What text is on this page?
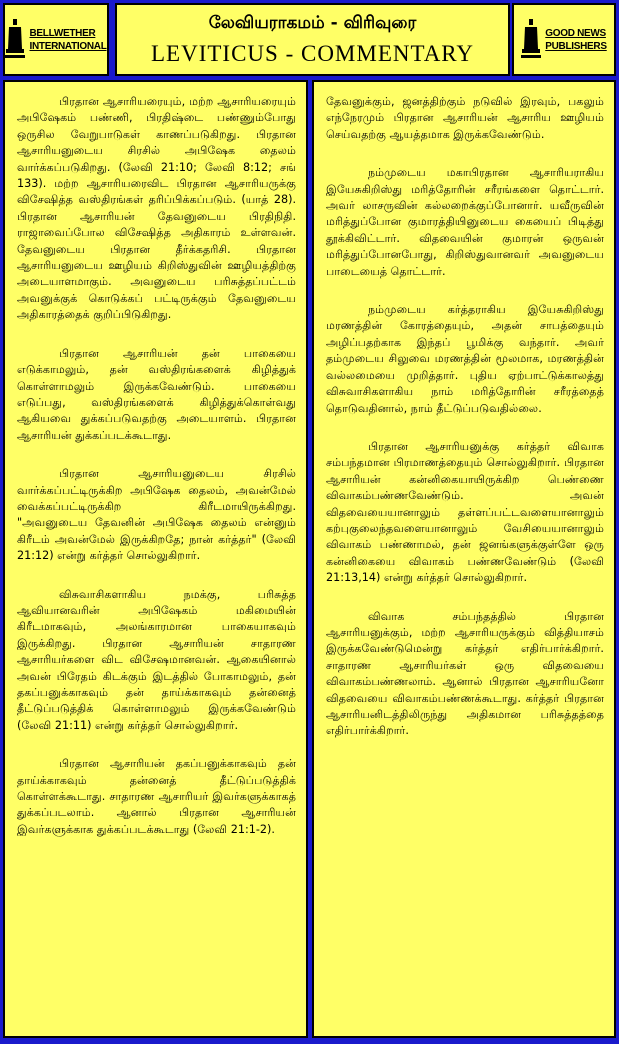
BELLWETHER
INTERNATIONAL
லேவியராகமம் - விரிவுரை
LEVITICUS - COMMENTARY
GOOD NEWS
PUBLISHERS

பிரதான ஆசாரியரையும், மற்ற ஆசாரியரையும் அபிஷேகம் பண்ணி, பிரதிஷ்டை பண்ணும்போது ஒருசில வேறுபாடுகள் காணப்படுகிறது. பிரதான ஆசாரியனுடைய சிரசில் அபிஷேக தைலம் வார்க்கப்படுகிறது. (லேவி 21:10; லேவி 8:12; சங் 133). மற்ற ஆசாரியரைவிட பிரதான ஆசாரியருக்கு விசேஷித்த வஸ்திரங்கள் தரிப்பிக்கப்படும். (யாத் 28). பிரதான ஆசாரியன் தேவனுடைய பிரதிநிதி. ராஜாவைப்போல விசேஷித்த அதிகாரம் உள்ளவன். தேவனுடைய பிரதான தீர்க்கதரிசி. பிரதான ஆசாரியனுடைய ஊழியம் கிறிஸ்துவின் ஊழியத்திற்கு அடையாளமாகும். அவனுடைய பரிசுத்தப்பட்டம் அவனுக்குக் கொடுக்கப் பட்டிருக்கும் தேவனுடைய அதிகாரத்தைக் குறிப்பிடுகிறது.

பிரதான ஆசாரியன் தன் பாகையை எடுக்காமலும், தன் வஸ்திரங்களைக் கிழித்துக் கொள்ளாமலும் இருக்கவேண்டும். பாகையை எடுப்பது, வஸ்திரங்களைக் கிழித்துக்கொள்வது ஆகியவை துக்கப்படுவதற்கு அடையாளம். பிரதான ஆசாரியன் துக்கப்படக்கூடாது.

பிரதான ஆசாரியனுடைய சிரசில் வார்க்கப்பட்டிருக்கிற அபிஷேக தைலம், அவன்மேல் வைக்கப்பட்டிருக்கிற கிரீடமாயிருக்கிறது. "அவனுடைய தேவனின் அபிஷேக தைலம் என்னும் கிரீடம் அவன்மேல் இருக்கிறதே; நான் கர்த்தர்" (லேவி 21:12) என்று கர்த்தர் சொல்லுகிறார்.

விசுவாசிகளாகிய நமக்கு, பரிசுத்த ஆவியானவரின் அபிஷேகம் மகிமையின் கிரீடமாகவும், அலங்காரமான பாகையாகவும் இருக்கிறது. பிரதான ஆசாரியன் சாதாரண ஆசாரியர்களை விட விசேஷமானவன். ஆகையினால் அவன் பிரேதம் கிடக்கும் இடத்தில் போகாமலும், தன் தகப்பனுக்காகவும் தன் தாய்க்காகவும் தன்னைத் தீட்டுப்படுத்திக் கொள்ளாமலும் இருக்கவேண்டும் (லேவி 21:11) என்று கர்த்தர் சொல்லுகிறார்.

பிரதான ஆசாரியன் தகப்பனுக்காகவும் தன் தாய்க்காகவும் தன்னைத் தீட்டுப்படுத்திக் கொள்ளக்கூடாது. சாதாரண ஆசாரியர் இவர்களுக்காகத் துக்கப்படலாம். ஆனால் பிரதான ஆசாரியன் இவர்களுக்காக துக்கப்படக்கூடாது (லேவி 21:1-2).

தேவனுக்கும், ஜனத்திற்கும் நடுவில் இரவும், பகலும் எந்நேரமும் பிரதான ஆசாரியன் ஆசாரிய ஊழியம் செய்வதற்கு ஆயத்தமாக இருக்கவேண்டும்.

நம்முடைய மகாபிரதான ஆசாரியராகிய இயேசுகிறிஸ்து மரித்தோரின் சரீரங்களை தொட்டார். அவர் லாசருவின் கல்லறைக்குப்போனார். யவீருவின் மரித்துப்போன குமாரத்தியினுடைய கையைப் பிடித்து தூக்கிவிட்டார். விதவையின் குமாரன் ஒருவன் மரித்துப்போனபோது, கிறிஸ்துவானவர் அவனுடைய பாடையைத் தொட்டார்.

நம்முடைய கர்த்தராகிய இயேசுகிறிஸ்து மரணத்தின் கோரத்தையும், அதன் சாபத்தையும் அழிப்பதற்காக இந்தப் பூமிக்கு வந்தார். அவர் தம்முடைய சிலுவை மரணத்தின் மூலமாக, மரணத்தின் வல்லமையை முறித்தார். புதிய ஏற்பாட்டுக்காலத்து விசுவாசிகளாகிய நாம் மரித்தோரின் சரீரத்தைத் தொடுவதினால், நாம் தீட்டுப்படுவதில்லை.

பிரதான ஆசாரியனுக்கு கர்த்தர் விவாக சம்பந்தமான பிரமாணத்தையும் சொல்லுகிறார். பிரதான ஆசாரியன் கன்னிகையாயிருக்கிற பெண்ணை விவாகம்பண்ணவேண்டும். அவன் விதவையையானாலும் தள்ளப்பட்டவளையானாலும் கற்புகுலைந்தவளையானாலும் வேசியையானாலும் விவாகம் பண்ணாமல், தன் ஜனங்களுக்குள்ளே ஒரு கன்னிகையை விவாகம் பண்ணவேண்டும் (லேவி 21:13,14) என்று கர்த்தர் சொல்லுகிறார்.

விவாக சம்பந்தத்தில் பிரதான ஆசாரியனுக்கும், மற்ற ஆசாரியருக்கும் வித்தியாசம் இருக்கவேண்டுமென்று கர்த்தர் எதிர்பார்க்கிறார். சாதாரண ஆசாரியர்கள் ஒரு விதவையை விவாகம்பண்ணலாம். ஆனால் பிரதான ஆசாரியனோ விதவையை விவாகம்பண்ணக்கூடாது. கர்த்தர் பிரதான ஆசாரியனிடத்திலிருந்து அதிகமான பரிசுத்தத்தை எதிர்பார்க்கிறார்.
